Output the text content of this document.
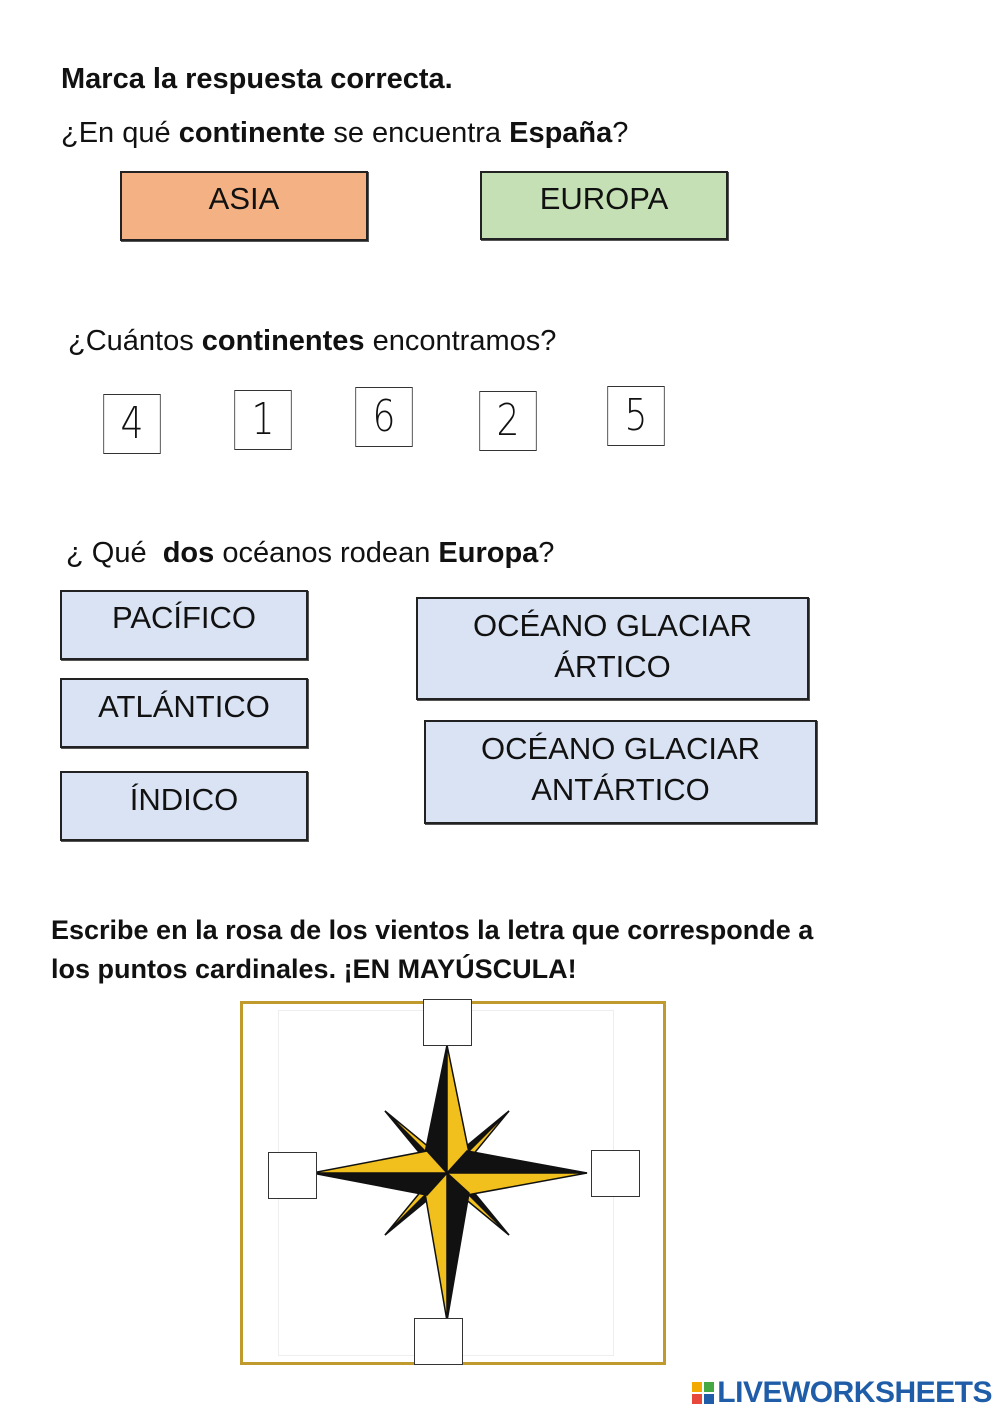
Marca la respuesta correcta.
¿En qué continente se encuentra España?
ASIA	EUROPA
¿Cuántos continentes encontramos?
4	1	6	2	5
¿ Qué  dos océanos rodean Europa?
PACÍFICO
ATLÁNTICO
ÍNDICO
OCÉANO GLACIAR
ÁRTICO
OCÉANO GLACIAR
ANTÁRTICO
Escribe en la rosa de los vientos la letra que corresponde a
los puntos cardinales. ¡EN MAYÚSCULA!
LIVEWORKSHEETS
